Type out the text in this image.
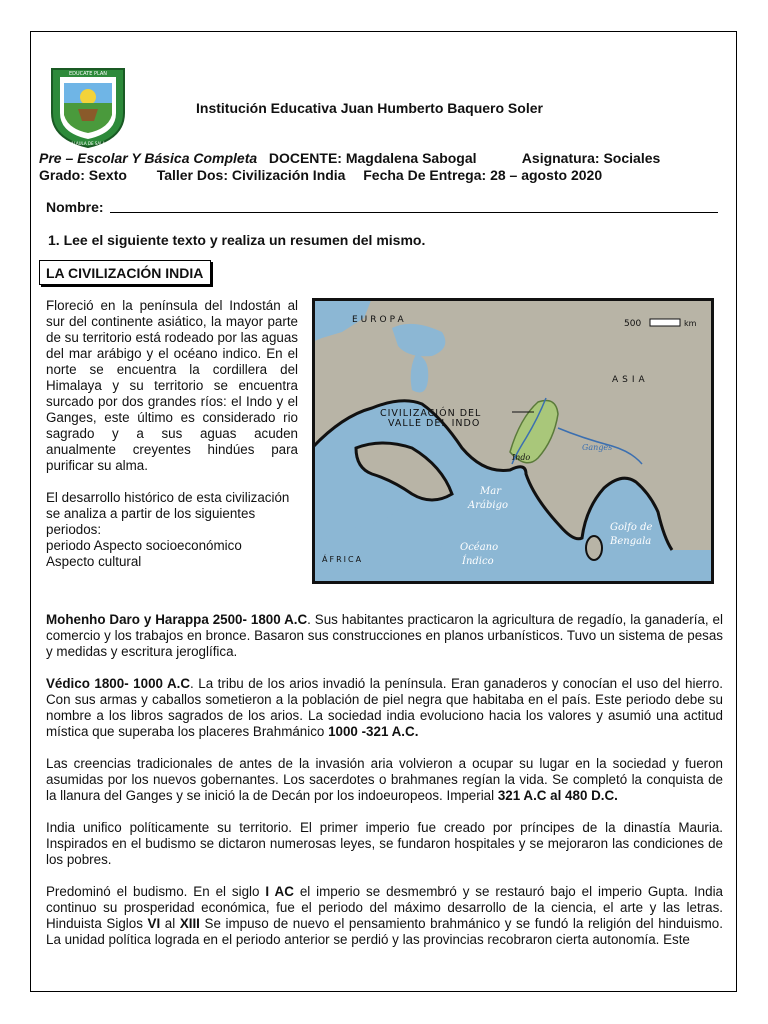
EDUCATE PLAN
ALAULA DE SALA
Institución Educativa Juan Humberto Baquero Soler
Pre – Escolar Y Básica Completa DOCENTE: Magdalena Sabogal	Asignatura: Sociales
Grado: Sexto Taller Dos: Civilización India Fecha De Entrega: 28 – agosto 2020
Nombre:
1. Lee el siguiente texto y realiza un resumen del mismo.
LA CIVILIZACIÓN INDIA

Floreció en la península del Indostán al sur del continente asiático, la mayor parte de su territorio está rodeado por las aguas del mar arábigo y el océano indico. En el norte se encuentra la cordillera del Himalaya y su territorio se encuentra surcado por dos grandes ríos: el Indo y el Ganges, este último es considerado rio sagrado y a sus aguas acuden anualmente creyentes hindúes para purificar su alma.

El desarrollo histórico de esta civilización se analiza a partir de los siguientes periodos:
periodo Aspecto socioeconómico
Aspecto cultural

500	km
EUROPA
ASIA
ÁFRICA
CIVILIZACIÓN DEL
VALLE DEL INDO
Indo
Ganges
Mar
Arábigo
Océano
Índico
Golfo de
Bengala

Mohenho Daro y Harappa 2500- 1800 A.C. Sus habitantes practicaron la agricultura de regadío, la ganadería, el comercio y los trabajos en bronce. Basaron sus construcciones en planos urbanísticos. Tuvo un sistema de pesas y medidas y escritura jeroglífica.

Védico 1800- 1000 A.C. La tribu de los arios invadió la península. Eran ganaderos y conocían el uso del hierro. Con sus armas y caballos sometieron a la población de piel negra que habitaba en el país. Este periodo debe su nombre a los libros sagrados de los arios. La sociedad india evoluciono hacia los valores y asumió una actitud mística que superaba los placeres Brahmánico 1000 -321 A.C.

Las creencias tradicionales de antes de la invasión aria volvieron a ocupar su lugar en la sociedad y fueron asumidas por los nuevos gobernantes. Los sacerdotes o brahmanes regían la vida. Se completó la conquista de la llanura del Ganges y se inició la de Decán por los indoeuropeos. Imperial 321 A.C al 480 D.C.

India unifico políticamente su territorio. El primer imperio fue creado por príncipes de la dinastía Mauria. Inspirados en el budismo se dictaron numerosas leyes, se fundaron hospitales y se mejoraron las condiciones de los pobres.

Predominó el budismo. En el siglo I AC el imperio se desmembró y se restauró bajo el imperio Gupta. India continuo su prosperidad económica, fue el periodo del máximo desarrollo de la ciencia, el arte y las letras. Hinduista Siglos VI al XIII Se impuso de nuevo el pensamiento brahmánico y se fundó la religión del hinduismo. La unidad política lograda en el periodo anterior se perdió y las provincias recobraron cierta autonomía. Este
